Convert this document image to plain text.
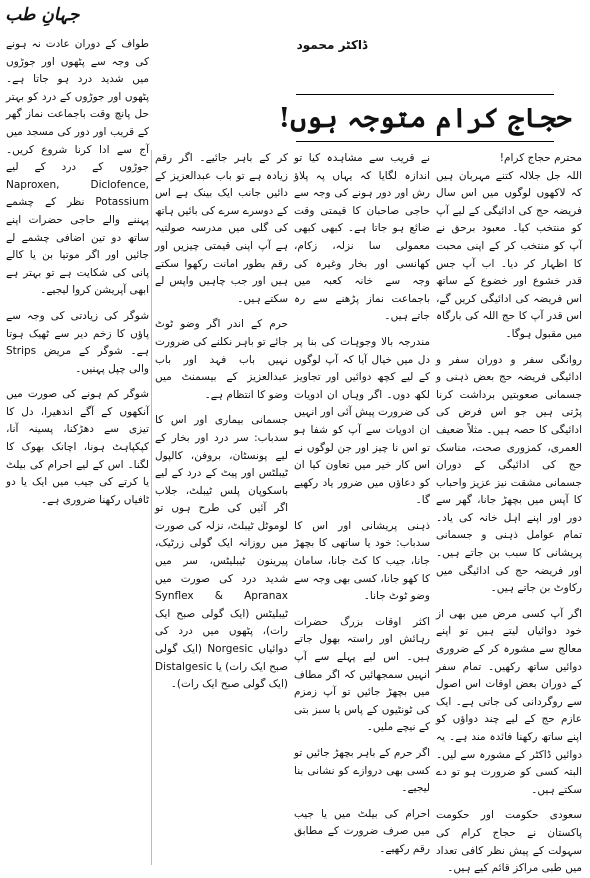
جہانِ طب
ڈاکٹر محمود
حجاج کرام متوجہ ہوں!

محترم حجاج کرام!

اللہ جل جلالہ کتنے مہربان ہیں کہ لاکھوں لوگوں میں اس سال فریضہ حج کی ادائیگی کے لیے آپ کو منتخب کیا۔ معبود برحق نے آپ کو منتخب کر کے اپنی محبت کا اظہار کر دیا۔ اب آپ جس قدر خشوع اور خضوع کے ساتھ اس فریضہ کی ادائیگی کریں گے، اس قدر آپ کا حج اللہ کی بارگاہ میں مقبول ہوگا۔

روانگی سفر و دوران سفر و ادائیگی فریضہ حج بعض ذہنی و جسمانی صعوبتیں برداشت کرنا پڑتی ہیں جو اس فرض کی ادائیگی کا حصہ ہیں۔ مثلاً ضعیف العمری، کمزوری صحت، مناسک حج کی ادائیگی کے دوران جسمانی مشقت نیز عزیز واحباب کا آپس میں بچھڑ جانا، گھر سے دور اور اپنے اہل خانہ کی یاد۔ تمام عوامل ذہنی و جسمانی پریشانی کا سبب بن جاتے ہیں۔ اور فریضہ حج کی ادائیگی میں رکاوٹ بن جاتے ہیں۔

اگر آپ کسی مرض میں بھی از خود دوائیاں لیتے ہیں تو اپنے معالج سے مشورہ کر کے ضروری دوائیں ساتھ رکھیں۔ تمام سفر کے دوران بعض اوقات اس اصول سے روگردانی کی جاتی ہے۔ ایک عازم حج کے لیے چند دواؤں کو اپنے ساتھ رکھنا فائدہ مند ہے۔ یہ دوائیں ڈاکٹر کے مشورہ سے لیں۔ البتہ کسی کو ضرورت ہو تو دے سکتے ہیں۔

سعودی حکومت اور حکومت پاکستان نے حجاج کرام کی سہولت کے پیش نظر کافی تعداد میں طبی مراکز قائم کیے ہیں۔

نے قریب سے مشاہدہ کیا تو اندازہ لگایا کہ یہاں پہ پلاؤ رش اور دور ہونے کی وجہ سے حاجی صاحبان کا قیمتی وقت ضائع ہو جاتا ہے۔ کبھی کبھی معمولی سا نزلہ، زکام، کھانسی اور بخار وغیرہ کی وجہ سے خانہ کعبہ میں باجماعت نماز پڑھنے سے رہ جاتے ہیں۔

مندرجہ بالا وجوہات کی بنا پر دل میں خیال آیا کہ آپ لوگوں کے لیے کچھ دوائیں اور تجاویز لکھ دوں۔ اگر وہاں ان ادویات کی ضرورت پیش آئی اور انہیں ان ادویات سے آپ کو شفا ہو تو اس نا چیز اور جن لوگوں نے اس کار خیر میں تعاون کیا ان کو دعاؤں میں ضرور یاد رکھیے گا۔

ذہنی پریشانی اور اس کا سدباب: خود یا ساتھی کا بچھڑ جانا، جیب کا کٹ جانا، سامان کا کھو جانا، کسی بھی وجہ سے وضو ٹوٹ جانا۔

اکثر اوقات بزرگ حضرات رہائش اور راستہ بھول جاتے ہیں۔ اس لیے پہلے سے آپ انہیں سمجھائیں کہ اگر مطاف میں بچھڑ جائیں تو آپ زمزم کی ٹونٹیوں کے پاس یا سبز بتی کے نیچے ملیں۔

اگر حرم کے باہر بچھڑ جائیں تو کسی بھی دروازے کو نشانی بنا لیجیے۔

احرام کی بیلٹ میں یا جیب میں صرف ضرورت کے مطابق رقم رکھیے۔

کر کے باہر جائیے۔ اگر رقم زیادہ ہے تو باب عبدالعزیز کے دائیں جانب ایک بینک ہے اس کے دوسرے سرے کی بائیں ہاتھ کی گلی میں مدرسہ صولتیہ ہے آپ اپنی قیمتی چیزیں اور رقم بطور امانت رکھوا سکتے ہیں اور جب چاہیں واپس لے سکتے ہیں۔

حرم کے اندر اگر وضو ٹوٹ جائے تو باہر نکلنے کی ضرورت نہیں باب فہد اور باب عبدالعزیز کے بیسمنٹ میں وضو کا انتظام ہے۔

جسمانی بیماری اور اس کا سدباب: سر درد اور بخار کے لیے پونسٹان، بروفن، کالپول ٹیبلٹس اور پیٹ کے درد کے لیے باسکوپان پلس ٹیبلٹ، جلاب اگر آئیں کی طرح ہوں تو لوموٹل ٹیبلٹ، نزلہ کی صورت میں روزانہ ایک گولی زرٹیک، پیرینون ٹیبلیٹس، سر میں شدید درد کی صورت میں Synflex & Apranax ٹیبلیٹس (ایک گولی صبح ایک رات)، پٹھوں میں درد کی دوائیاں Norgesic (ایک گولی صبح ایک رات) یا Distalgesic (ایک گولی صبح ایک رات)۔

طواف کے دوران عادت نہ ہونے کی وجہ سے پٹھوں اور جوڑوں میں شدید درد ہو جاتا ہے۔ پٹھوں اور جوڑوں کے درد کو بہتر حل پانچ وقت باجماعت نماز گھر کے قریب اور دور کی مسجد میں آج سے ادا کرنا شروع کریں۔ جوڑوں کے درد کے لیے Naproxen, Diclofence, Potassium نظر کے چشمے پہننے والے حاجی حضرات اپنے ساتھ دو تین اضافی چشمے لے جائیں اور اگر موتیا بن یا کالے پانی کی شکایت ہے تو بہتر ہے ابھی آپریشن کروا لیجیے۔

شوگر کی زیادتی کی وجہ سے پاؤں کا زخم دیر سے ٹھیک ہوتا ہے۔ شوگر کے مریض Strips والی چپل پہنیں۔

شوگر کم ہونے کی صورت میں آنکھوں کے آگے اندھیرا، دل کا تیزی سے دھڑکنا، پسینہ آنا، کپکپاہٹ ہونا، اچانک بھوک کا لگنا۔ اس کے لیے احرام کی بیلٹ یا کرتے کی جیب میں ایک یا دو ٹافیاں رکھنا ضروری ہے۔
